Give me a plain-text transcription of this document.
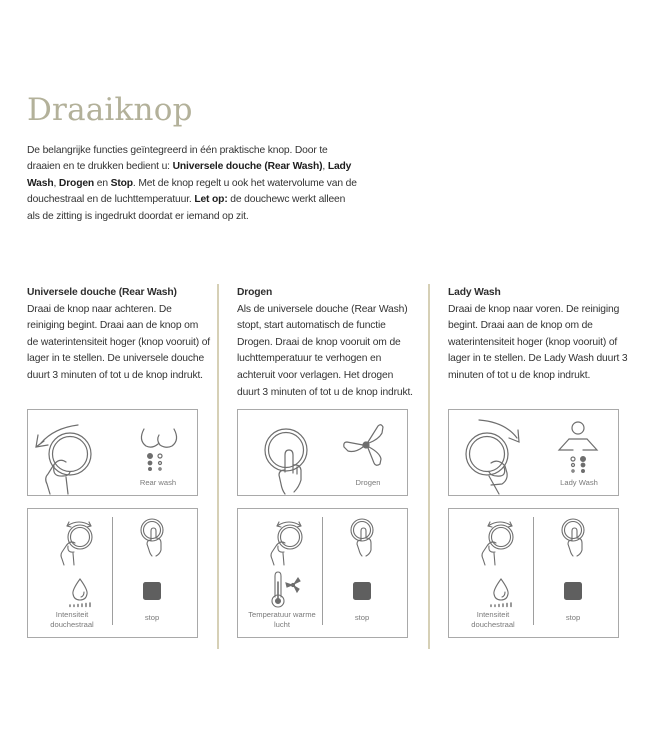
Draaiknop

De belangrijke functies geïntegreerd in één praktische knop. Door te draaien en te drukken bedient u: Universele douche (Rear Wash), Lady Wash, Drogen en Stop. Met de knop regelt u ook het watervolume van de douchestraal en de luchttemperatuur. Let op: de douchewc werkt alleen als de zitting is ingedrukt doordat er iemand op zit.

Universele douche (Rear Wash)
Draai de knop naar achteren. De reiniging begint. Draai aan de knop om de waterintensiteit hoger (knop vooruit) of lager in te stellen. De universele douche duurt 3 minuten of tot u de knop indrukt.
Drogen
Als de universele douche (Rear Wash) stopt, start automatisch de functie Drogen. Draai de knop vooruit om de luchttemperatuur te verhogen en achteruit voor verlagen. Het drogen duurt 3 minuten of tot u de knop indrukt.
Lady Wash
Draai de knop naar voren. De reiniging begint. Draai aan de knop om de waterintensiteit hoger (knop vooruit) of lager in te stellen. De Lady Wash duurt 3 minuten of tot u de knop indrukt.
Rear wash
Intensiteit douchestraal
stop
Drogen
Temperatuur warme lucht
stop
Lady Wash
Intensiteit douchestraal
stop
